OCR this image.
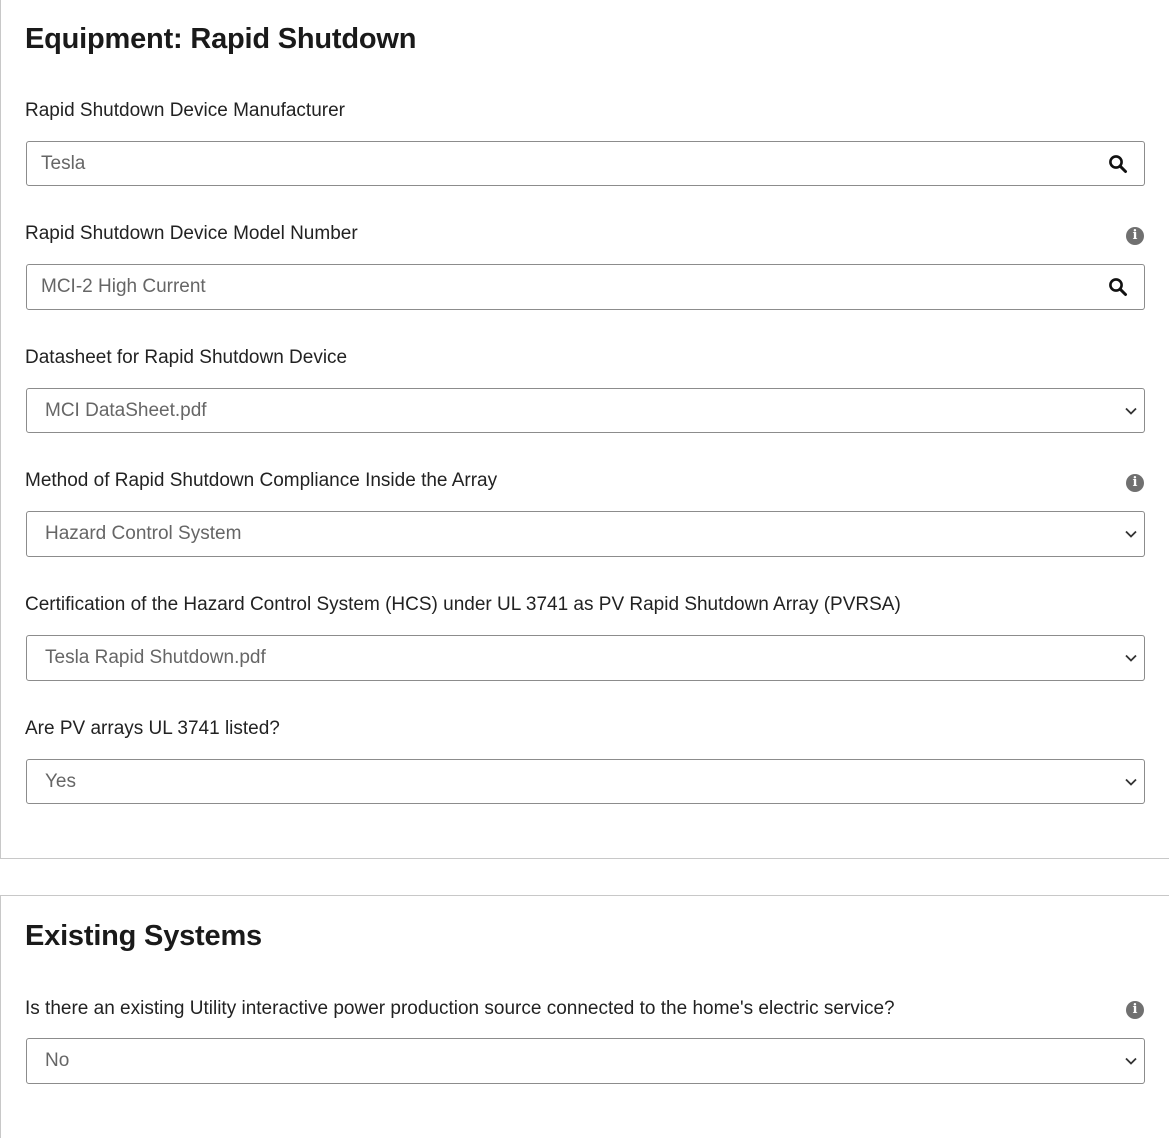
Equipment: Rapid Shutdown
Rapid Shutdown Device Manufacturer
Tesla
Rapid Shutdown Device Model Number	i
MCI-2 High Current
Datasheet for Rapid Shutdown Device
MCI DataSheet.pdf
Method of Rapid Shutdown Compliance Inside the Array	i
Hazard Control System
Certification of the Hazard Control System (HCS) under UL 3741 as PV Rapid Shutdown Array (PVRSA)
Tesla Rapid Shutdown.pdf
Are PV arrays UL 3741 listed?
Yes
Existing Systems
Is there an existing Utility interactive power production source connected to the home's electric service?	i
No
